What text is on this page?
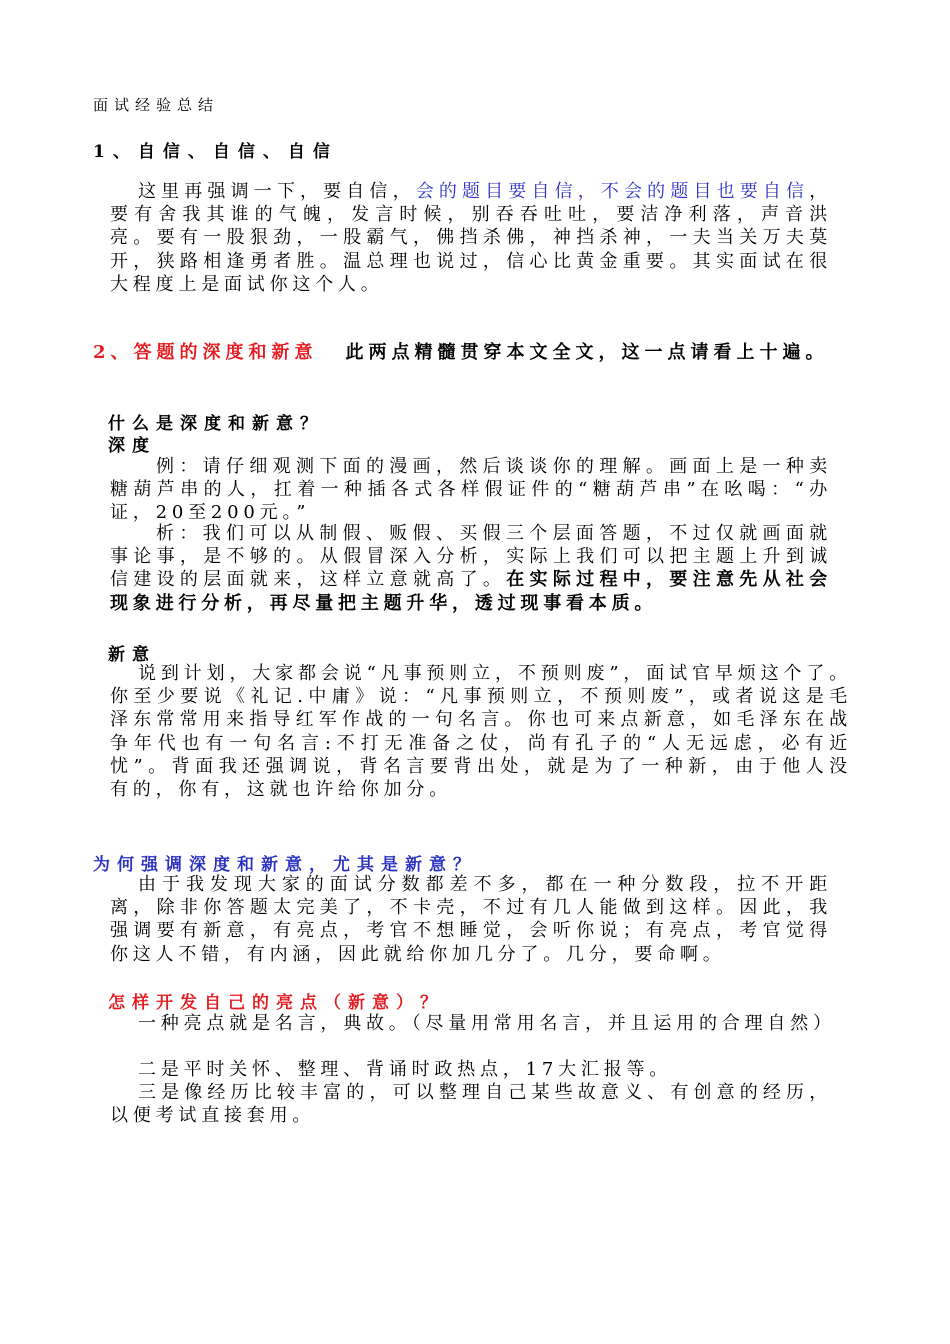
面试经验总结
1、自信、自信、自信

这里再强调一下，要自信，会的题目要自信，不会的题目也要自信，要有舍我其谁的气魄，发言时候，别吞吞吐吐，要洁净利落，声音洪亮。要有一股狠劲，一股霸气，佛挡杀佛，神挡杀神，一夫当关万夫莫开，狭路相逢勇者胜。温总理也说过，信心比黄金重要。其实面试在很大程度上是面试你这个人。

2、答题的深度和新意 此两点精髓贯穿本文全文，这一点请看上十遍。
什么是深度和新意？
深度

例：请仔细观测下面的漫画，然后谈谈你的理解。画面上是一种卖糖葫芦串的人，扛着一种插各式各样假证件的“糖葫芦串”在吆喝：“办证，20至200元。”

析：我们可以从制假、贩假、买假三个层面答题，不过仅就画面就事论事，是不够的。从假冒深入分析，实际上我们可以把主题上升到诚信建设的层面就来，这样立意就高了。在实际过程中，要注意先从社会现象进行分析，再尽量把主题升华，透过现事看本质。

新意

说到计划，大家都会说“凡事预则立，不预则废”，面试官早烦这个了。你至少要说《礼记.中庸》说：“凡事预则立，不预则废”，或者说这是毛泽东常常用来指导红军作战的一句名言。你也可来点新意，如毛泽东在战争年代也有一句名言:不打无准备之仗，尚有孔子的“人无远虑，必有近忧”。背面我还强调说，背名言要背出处，就是为了一种新，由于他人没有的，你有，这就也许给你加分。

为何强调深度和新意，尤其是新意？

由于我发现大家的面试分数都差不多，都在一种分数段，拉不开距离，除非你答题太完美了，不卡壳，不过有几人能做到这样。因此，我强调要有新意，有亮点，考官不想睡觉，会听你说；有亮点，考官觉得你这人不错，有内涵，因此就给你加几分了。几分，要命啊。

怎样开发自己的亮点（新意）？

一种亮点就是名言，典故。（尽量用常用名言，并且运用的合理自然）

二是平时关怀、整理、背诵时政热点，17大汇报等。

三是像经历比较丰富的，可以整理自己某些故意义、有创意的经历，以便考试直接套用。
